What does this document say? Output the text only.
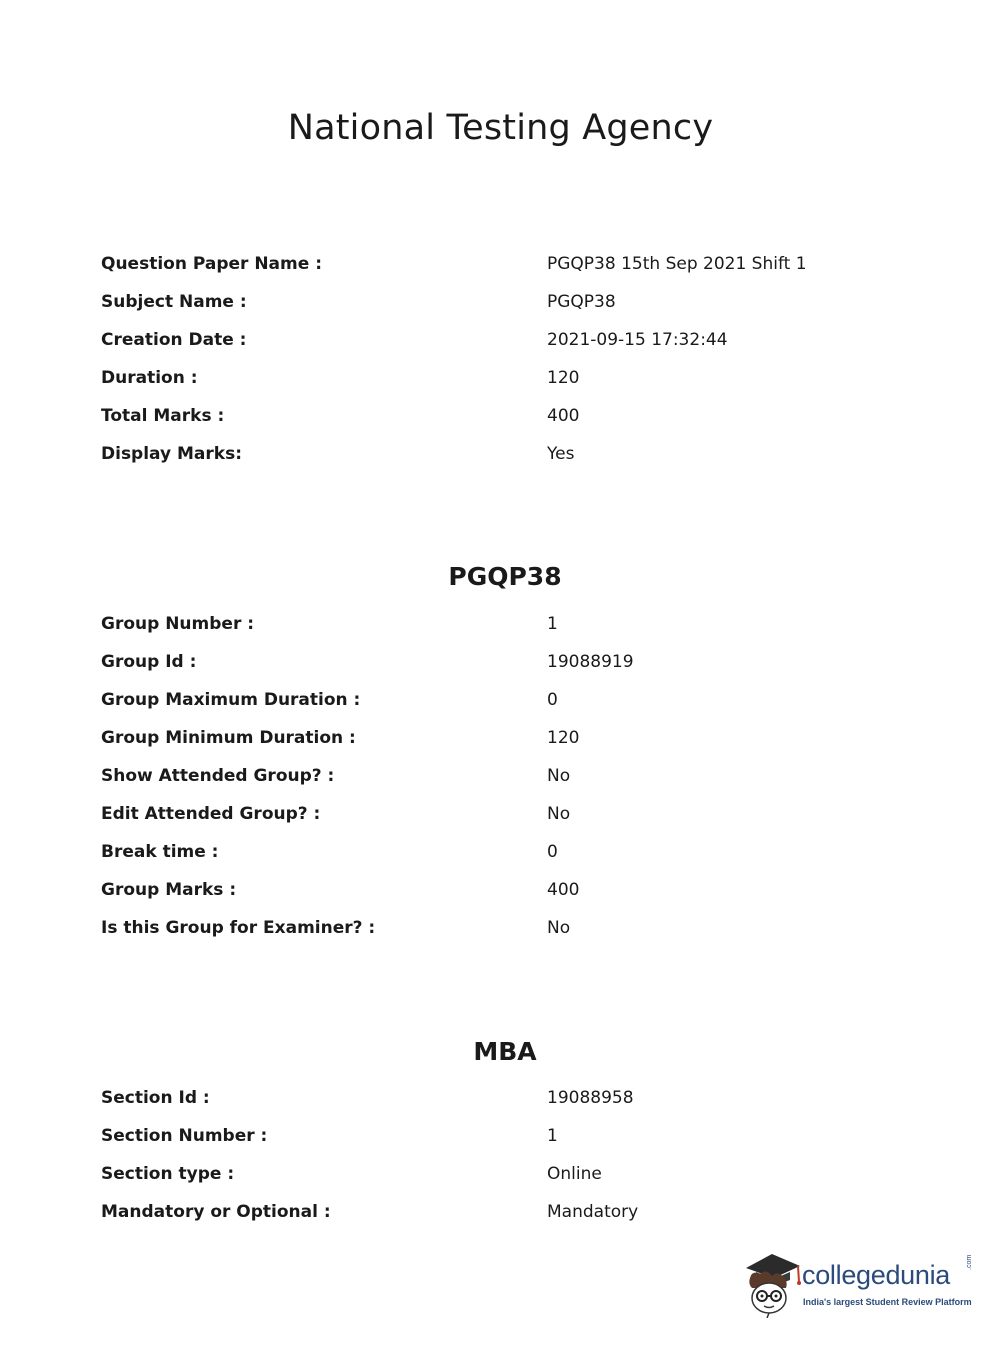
National Testing Agency
Question Paper Name :	PGQP38 15th Sep 2021 Shift 1
Subject Name :	PGQP38
Creation Date :	2021-09-15 17:32:44
Duration :	120
Total Marks :	400
Display Marks:	Yes
PGQP38
Group Number :	1
Group Id :	19088919
Group Maximum Duration :	0
Group Minimum Duration :	120
Show Attended Group? :	No
Edit Attended Group? :	No
Break time :	0
Group Marks :	400
Is this Group for Examiner? :	No
MBA
Section Id :	19088958
Section Number :	1
Section type :	Online
Mandatory or Optional :	Mandatory
collegedunia .com
India's largest Student Review Platform
